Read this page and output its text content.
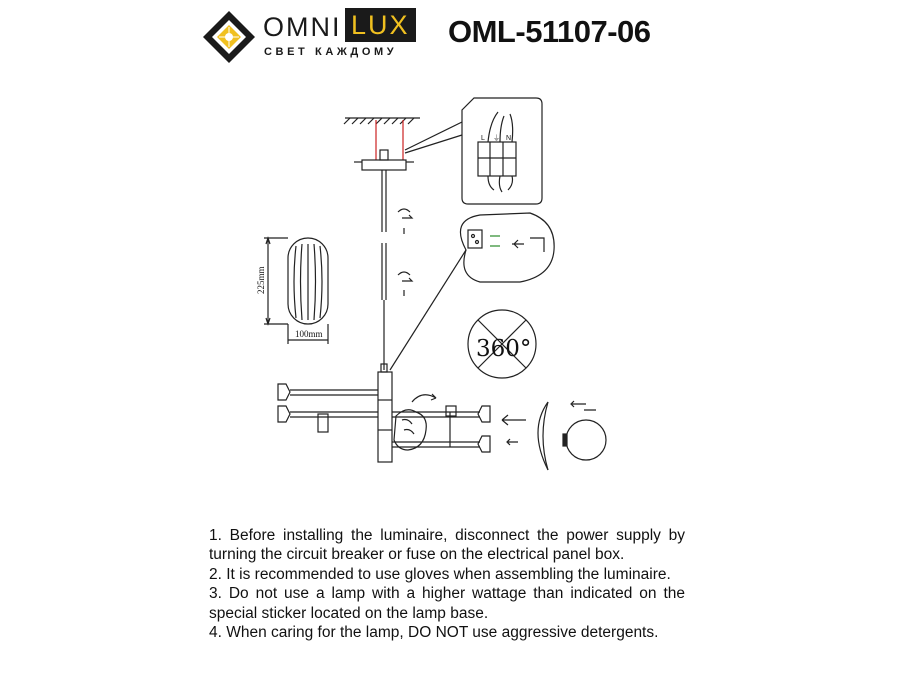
OMNI LUX
СВЕТ КАЖДОМУ
OML-51107-06
225mm
100mm
360°
L ⏚ N

1. Before installing the luminaire, disconnect the power supply by turning the circuit breaker or fuse on the electrical panel box.

2. It is recommended to use gloves when assembling the luminaire.

3. Do not use a lamp with a higher wattage than indicated on the special sticker located on the lamp base.

4. When caring for the lamp, DO NOT use aggressive detergents.
